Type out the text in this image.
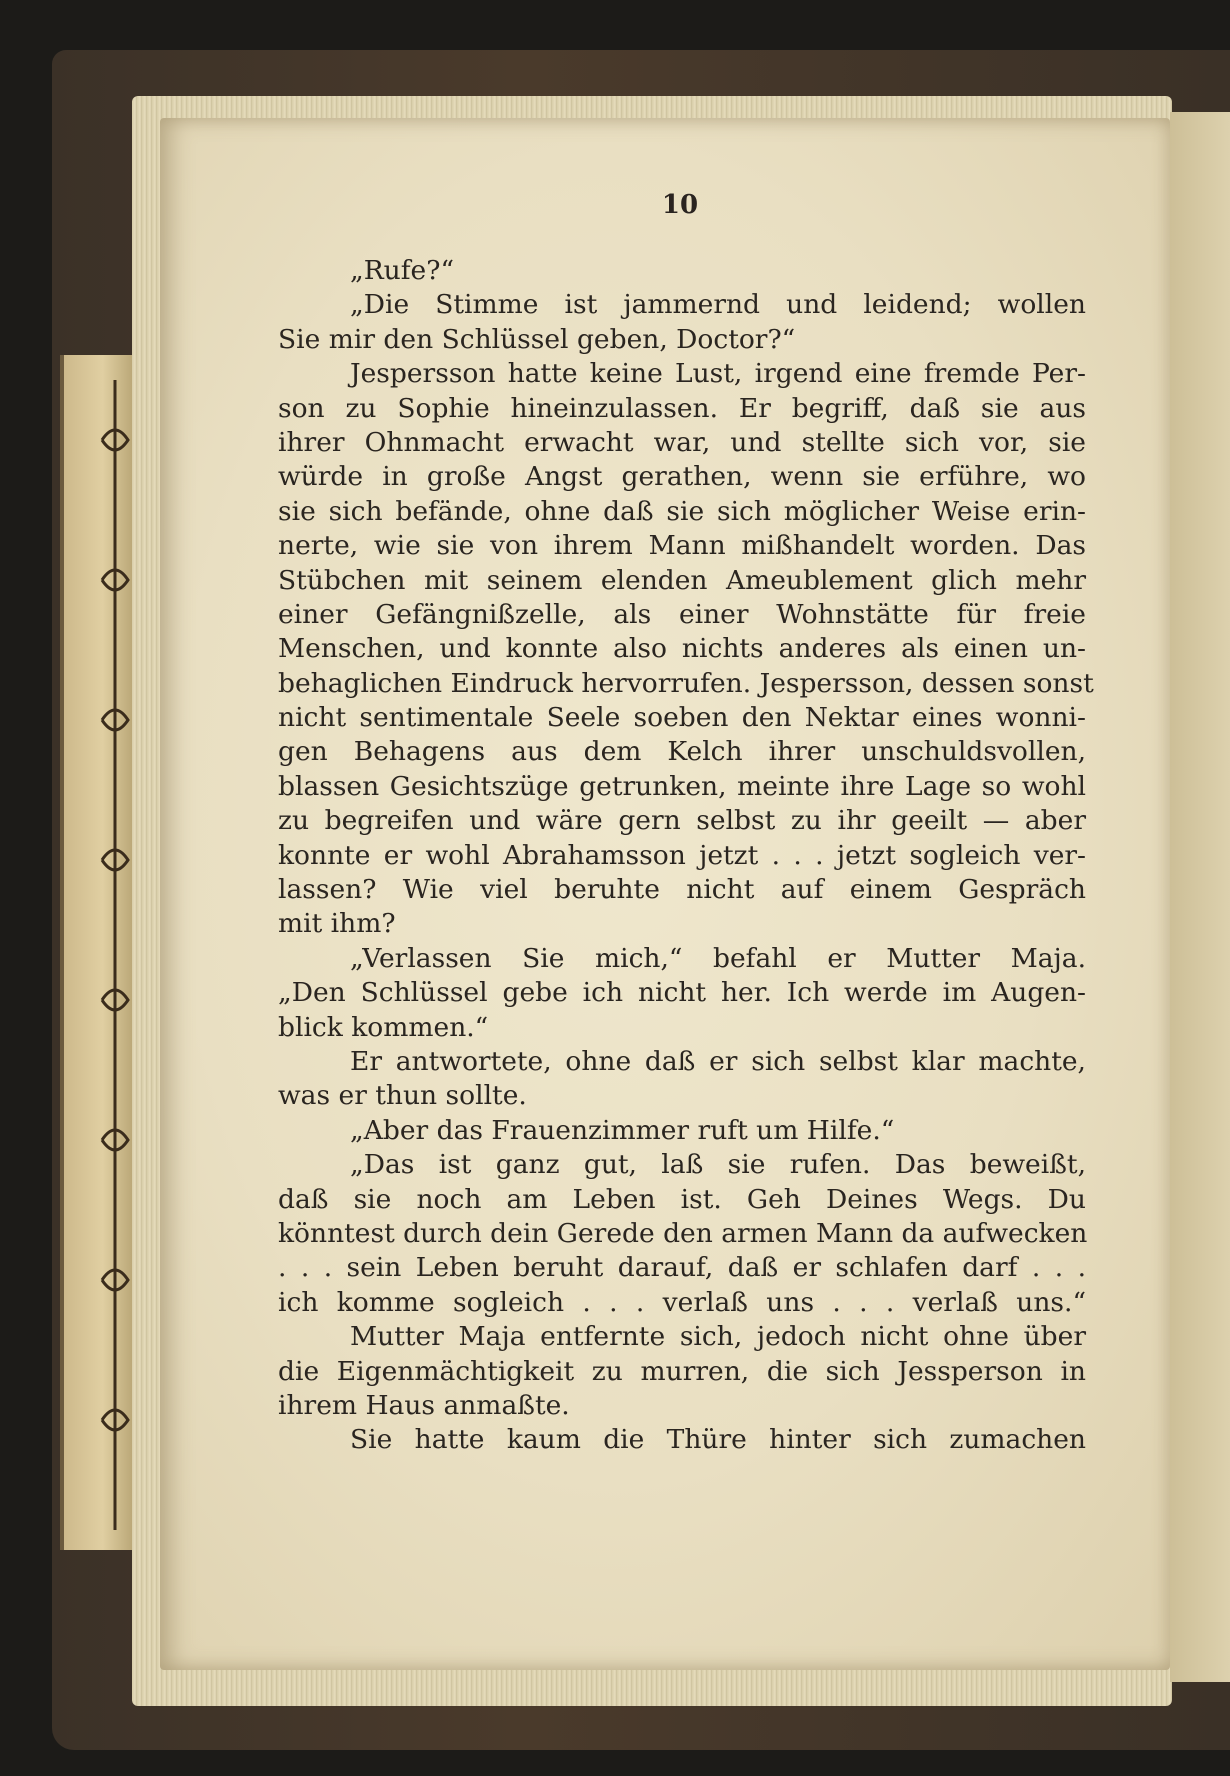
10
„Rufe?“
„Die Stimme ist jammernd und leidend; wollen
Sie mir den Schlüssel geben, Doctor?“
Jespersson hatte keine Lust, irgend eine fremde Per-
son zu Sophie hineinzulassen. Er begriff, daß sie aus
ihrer Ohnmacht erwacht war, und stellte sich vor, sie
würde in große Angst gerathen, wenn sie erführe, wo
sie sich befände, ohne daß sie sich möglicher Weise erin-
nerte, wie sie von ihrem Mann mißhandelt worden. Das
Stübchen mit seinem elenden Ameublement glich mehr
einer Gefängnißzelle, als einer Wohnstätte für freie
Menschen, und konnte also nichts anderes als einen un-
behaglichen Eindruck hervorrufen. Jespersson, dessen sonst
nicht sentimentale Seele soeben den Nektar eines wonni-
gen Behagens aus dem Kelch ihrer unschuldsvollen,
blassen Gesichtszüge getrunken, meinte ihre Lage so wohl
zu begreifen und wäre gern selbst zu ihr geeilt — aber
konnte er wohl Abrahamsson jetzt . . . jetzt sogleich ver-
lassen? Wie viel beruhte nicht auf einem Gespräch
mit ihm?
„Verlassen Sie mich,“ befahl er Mutter Maja.
„Den Schlüssel gebe ich nicht her. Ich werde im Augen-
blick kommen.“
Er antwortete, ohne daß er sich selbst klar machte,
was er thun sollte.
„Aber das Frauenzimmer ruft um Hilfe.“
„Das ist ganz gut, laß sie rufen. Das beweißt,
daß sie noch am Leben ist. Geh Deines Wegs. Du
könntest durch dein Gerede den armen Mann da aufwecken
. . . sein Leben beruht darauf, daß er schlafen darf . . .
ich komme sogleich . . . verlaß uns . . . verlaß uns.“
Mutter Maja entfernte sich, jedoch nicht ohne über
die Eigenmächtigkeit zu murren, die sich Jessperson in
ihrem Haus anmaßte.
Sie hatte kaum die Thüre hinter sich zumachen
